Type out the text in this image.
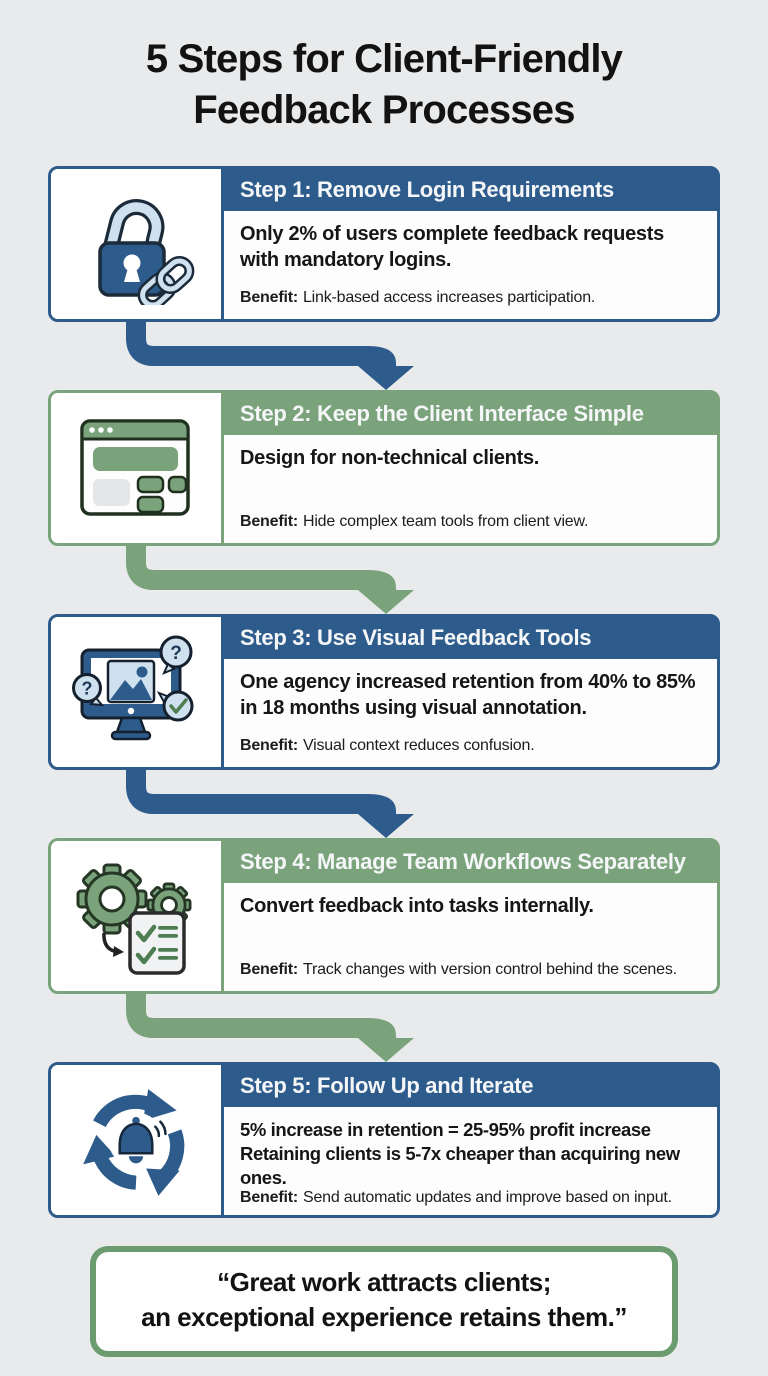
5 Steps for Client-Friendly
Feedback Processes
Step 1: Remove Login Requirements

Only 2% of users complete feedback requests with mandatory logins.

Benefit: Link-based access increases participation.

Step 2: Keep the Client Interface Simple

Design for non-technical clients.

Benefit: Hide complex team tools from client view.

?
?
Step 3: Use Visual Feedback Tools

One agency increased retention from 40% to 85% in 18 months using visual annotation.

Benefit: Visual context reduces confusion.

Step 4: Manage Team Workflows Separately

Convert feedback into tasks internally.

Benefit: Track changes with version control behind the scenes.

Step 5: Follow Up and Iterate

5% increase in retention = 25-95% profit increase

Retaining clients is 5-7x cheaper than acquiring new ones.

Benefit: Send automatic updates and improve based on input.

“Great work attracts clients;
an exceptional experience retains them.”
